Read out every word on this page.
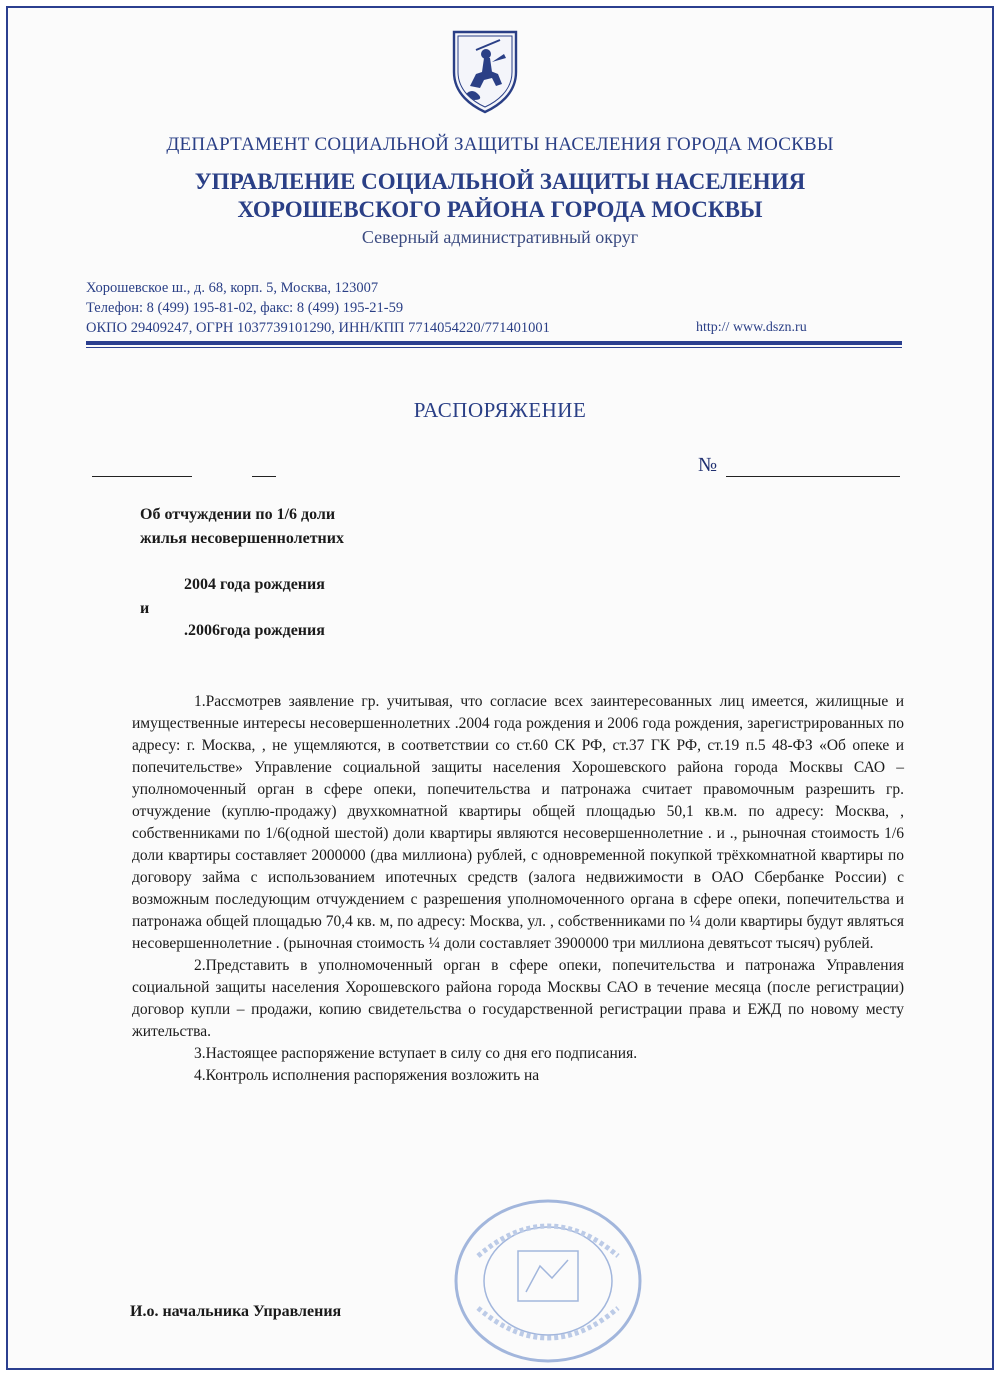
ДЕПАРТАМЕНТ СОЦИАЛЬНОЙ ЗАЩИТЫ НАСЕЛЕНИЯ ГОРОДА МОСКВЫ
УПРАВЛЕНИЕ СОЦИАЛЬНОЙ ЗАЩИТЫ НАСЕЛЕНИЯ
ХОРОШЕВСКОГО РАЙОНА ГОРОДА МОСКВЫ
Северный административный округ
Хорошевское ш., д. 68, корп. 5, Москва, 123007
Телефон: 8 (499) 195-81-02, факс: 8 (499) 195-21-59
ОКПО 29409247, ОГРН 1037739101290, ИНН/КПП 7714054220/771401001	http:// www.dszn.ru
РАСПОРЯЖЕНИЕ
№
Об отчуждении по 1/6 доли
жилья несовершеннолетних
2004 года рождения
и
.2006года рождения

1.Рассмотрев заявление гр. учитывая, что согласие всех заинтересованных лиц имеется, жилищные и имущественные интересы несовершеннолетних .2004 года рождения и 2006 года рождения, зарегистрированных по адресу: г. Москва, , не ущемляются, в соответствии со ст.60 СК РФ, ст.37 ГК РФ, ст.19 п.5 48-ФЗ «Об опеке и попечительстве» Управление социальной защиты населения Хорошевского района города Москвы САО – уполномоченный орган в сфере опеки, попечительства и патронажа считает правомочным разрешить гр. отчуждение (куплю-продажу) двухкомнатной квартиры общей площадью 50,1 кв.м. по адресу: Москва, , собственниками по 1/6(одной шестой) доли квартиры являются несовершеннолетние . и ., рыночная стоимость 1/6 доли квартиры составляет 2000000 (два миллиона) рублей, с одновременной покупкой трёхкомнатной квартиры по договору займа с использованием ипотечных средств (залога недвижимости в ОАО Сбербанке России) с возможным последующим отчуждением с разрешения уполномоченного органа в сфере опеки, попечительства и патронажа общей площадью 70,4 кв. м, по адресу: Москва, ул. , собственниками по ¼ доли квартиры будут являться несовершеннолетние . (рыночная стоимость ¼ доли составляет 3900000 три миллиона девятьсот тысяч) рублей.

2.Представить в уполномоченный орган в сфере опеки, попечительства и патронажа Управления социальной защиты населения Хорошевского района города Москвы САО в течение месяца (после регистрации) договор купли – продажи, копию свидетельства о государственной регистрации права и ЕЖД по новому месту жительства.

3.Настоящее распоряжение вступает в силу со дня его подписания.

4.Контроль исполнения распоряжения возложить на

И.о. начальника Управления
